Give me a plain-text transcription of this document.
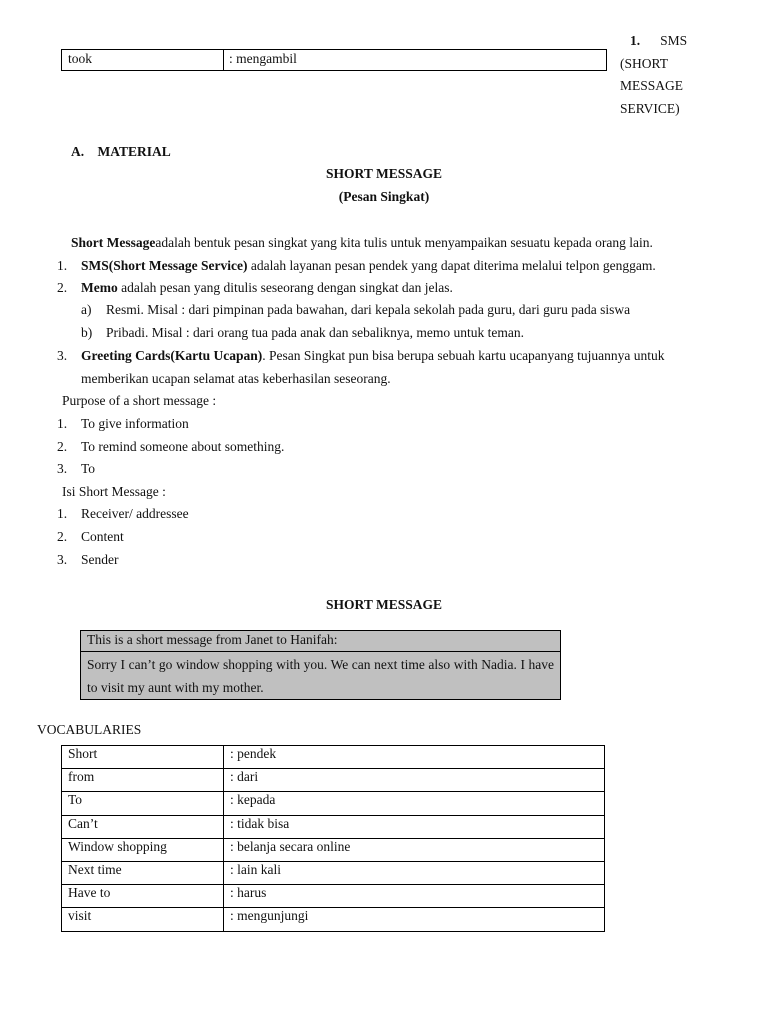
took	: mengambil
1. SMS
(SHORT
MESSAGE
SERVICE)
A. MATERIAL
SHORT MESSAGE
(Pesan Singkat)
Short Messageadalah bentuk pesan singkat yang kita tulis untuk menyampaikan sesuatu kepada orang lain.
1. SMS(Short Message Service) adalah layanan pesan pendek yang dapat diterima melalui telpon genggam.
2. Memo adalah pesan yang ditulis seseorang dengan singkat dan jelas.
a) Resmi. Misal : dari pimpinan pada bawahan, dari kepala sekolah pada guru, dari guru pada siswa
b) Pribadi. Misal : dari orang tua pada anak dan sebaliknya, memo untuk teman.
3. Greeting Cards(Kartu Ucapan). Pesan Singkat pun bisa berupa sebuah kartu ucapanyang tujuannya untuk
memberikan ucapan selamat atas keberhasilan seseorang.
Purpose of a short message :
1. To give information
2. To remind someone about something.
3. To
Isi Short Message :
1. Receiver/ addressee
2. Content
3. Sender
SHORT MESSAGE
This is a short message from Janet to Hanifah:
Sorry I can’t go window shopping with you. We can next time also with Nadia. I have to visit my aunt with my mother.
VOCABULARIES
Short	: pendek
from	: dari
To	: kepada
Can’t	: tidak bisa
Window shopping	: belanja secara online
Next time	: lain kali
Have to	: harus
visit	: mengunjungi
